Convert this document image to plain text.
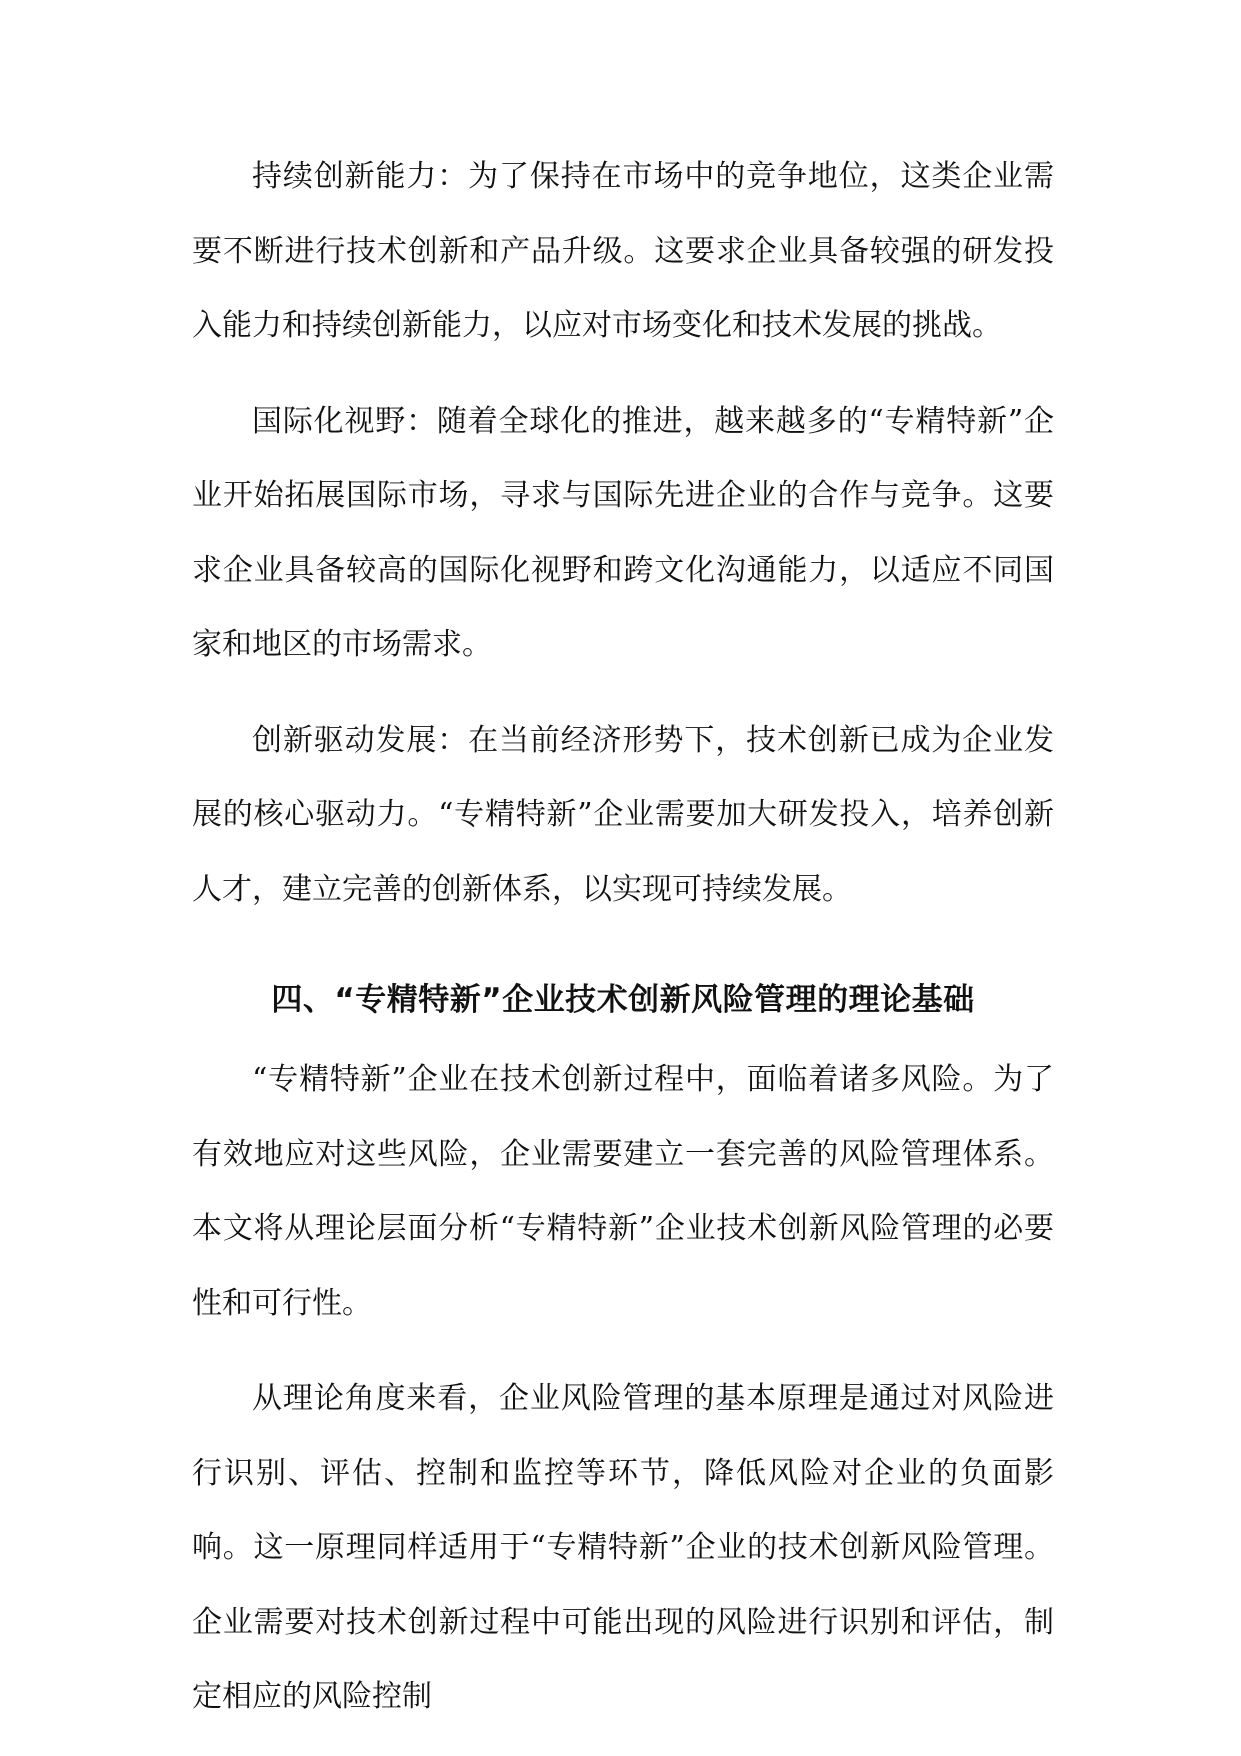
持续创新能力：为了保持在市场中的竞争地位，这类企业需要不断进行技术创新和产品升级。这要求企业具备较强的研发投入能力和持续创新能力，以应对市场变化和技术发展的挑战。

国际化视野：随着全球化的推进，越来越多的“专精特新”企业开始拓展国际市场，寻求与国际先进企业的合作与竞争。这要求企业具备较高的国际化视野和跨文化沟通能力，以适应不同国家和地区的市场需求。

创新驱动发展：在当前经济形势下，技术创新已成为企业发展的核心驱动力。“专精特新”企业需要加大研发投入，培养创新人才，建立完善的创新体系，以实现可持续发展。

四、“专精特新”企业技术创新风险管理的理论基础

“专精特新”企业在技术创新过程中，面临着诸多风险。为了有效地应对这些风险，企业需要建立一套完善的风险管理体系。本文将从理论层面分析“专精特新”企业技术创新风险管理的必要性和可行性。

从理论角度来看，企业风险管理的基本原理是通过对风险进行识别、评估、控制和监控等环节，降低风险对企业的负面影响。这一原理同样适用于“专精特新”企业的技术创新风险管理。企业需要对技术创新过程中可能出现的风险进行识别和评估，制定相应的风险控制
